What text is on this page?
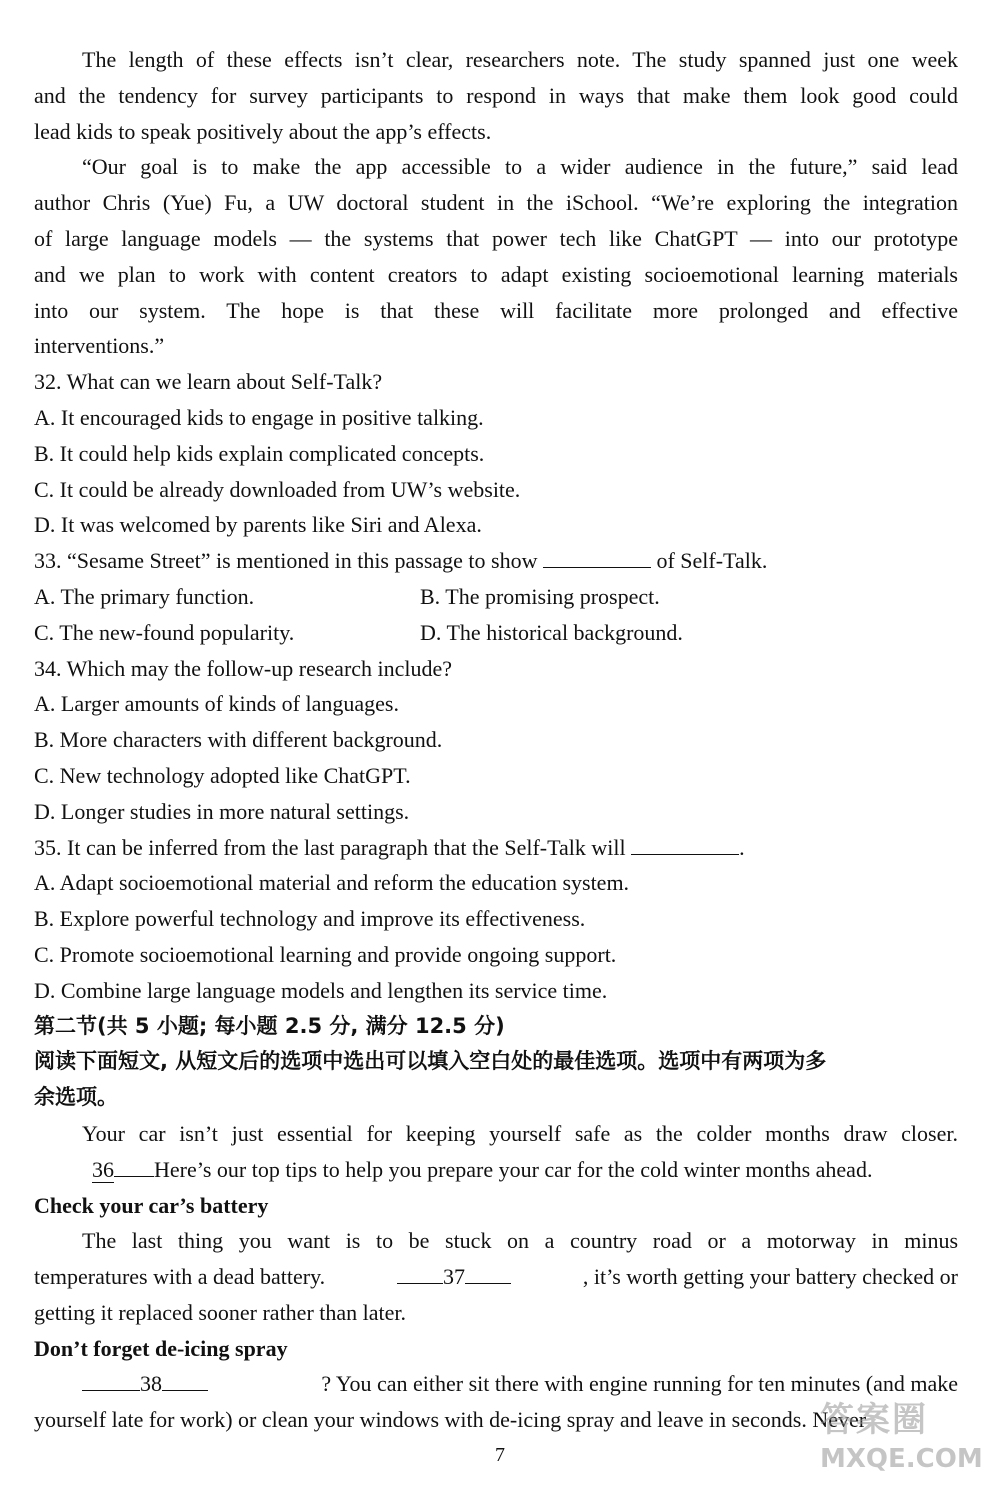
The length of these effects isn’t clear, researchers note. The study spanned just one week
and the tendency for survey participants to respond in ways that make them look good could
lead kids to speak positively about the app’s effects.
“Our goal is to make the app accessible to a wider audience in the future,” said lead
author Chris (Yue) Fu, a UW doctoral student in the iSchool. “We’re exploring the integration
of large language models — the systems that power tech like ChatGPT — into our prototype
and we plan to work with content creators to adapt existing socioemotional learning materials
into our system. The hope is that these will facilitate more prolonged and effective
interventions.”
32. What can we learn about Self-Talk?
A. It encouraged kids to engage in positive talking.
B. It could help kids explain complicated concepts.
C. It could be already downloaded from UW’s website.
D. It was welcomed by parents like Siri and Alexa.
33. “Sesame Street” is mentioned in this passage to show	of Self-Talk.
A. The primary function.	B. The promising prospect.
C. The new-found popularity.	D. The historical background.
34. Which may the follow-up research include?
A. Larger amounts of kinds of languages.
B. More characters with different background.
C. New technology adopted like ChatGPT.
D. Longer studies in more natural settings.
35. It can be inferred from the last paragraph that the Self-Talk will	.
A. Adapt socioemotional material and reform the education system.
B. Explore powerful technology and improve its effectiveness.
C. Promote socioemotional learning and provide ongoing support.
D. Combine large language models and lengthen its service time.
第二节(共 5 小题; 每小题 2.5 分, 满分 12.5 分)
阅读下面短文, 从短文后的选项中选出可以填入空白处的最佳选项。选项中有两项为多
余选项。
Your car isn’t just essential for keeping yourself safe as the colder months draw closer.
36 Here’s our top tips to help you prepare your car for the cold winter months ahead.
Check your car’s battery
The last thing you want is to be stuck on a country road or a motorway in minus
temperatures with a dead battery.	37	, it’s worth getting your battery checked or
getting it replaced sooner rather than later.
Don’t forget de-icing spray
38	? You can either sit there with engine running for ten minutes (and make
yourself late for work) or clean your windows with de-icing spray and leave in seconds. Never
7
答案圈
MXQE.COM
